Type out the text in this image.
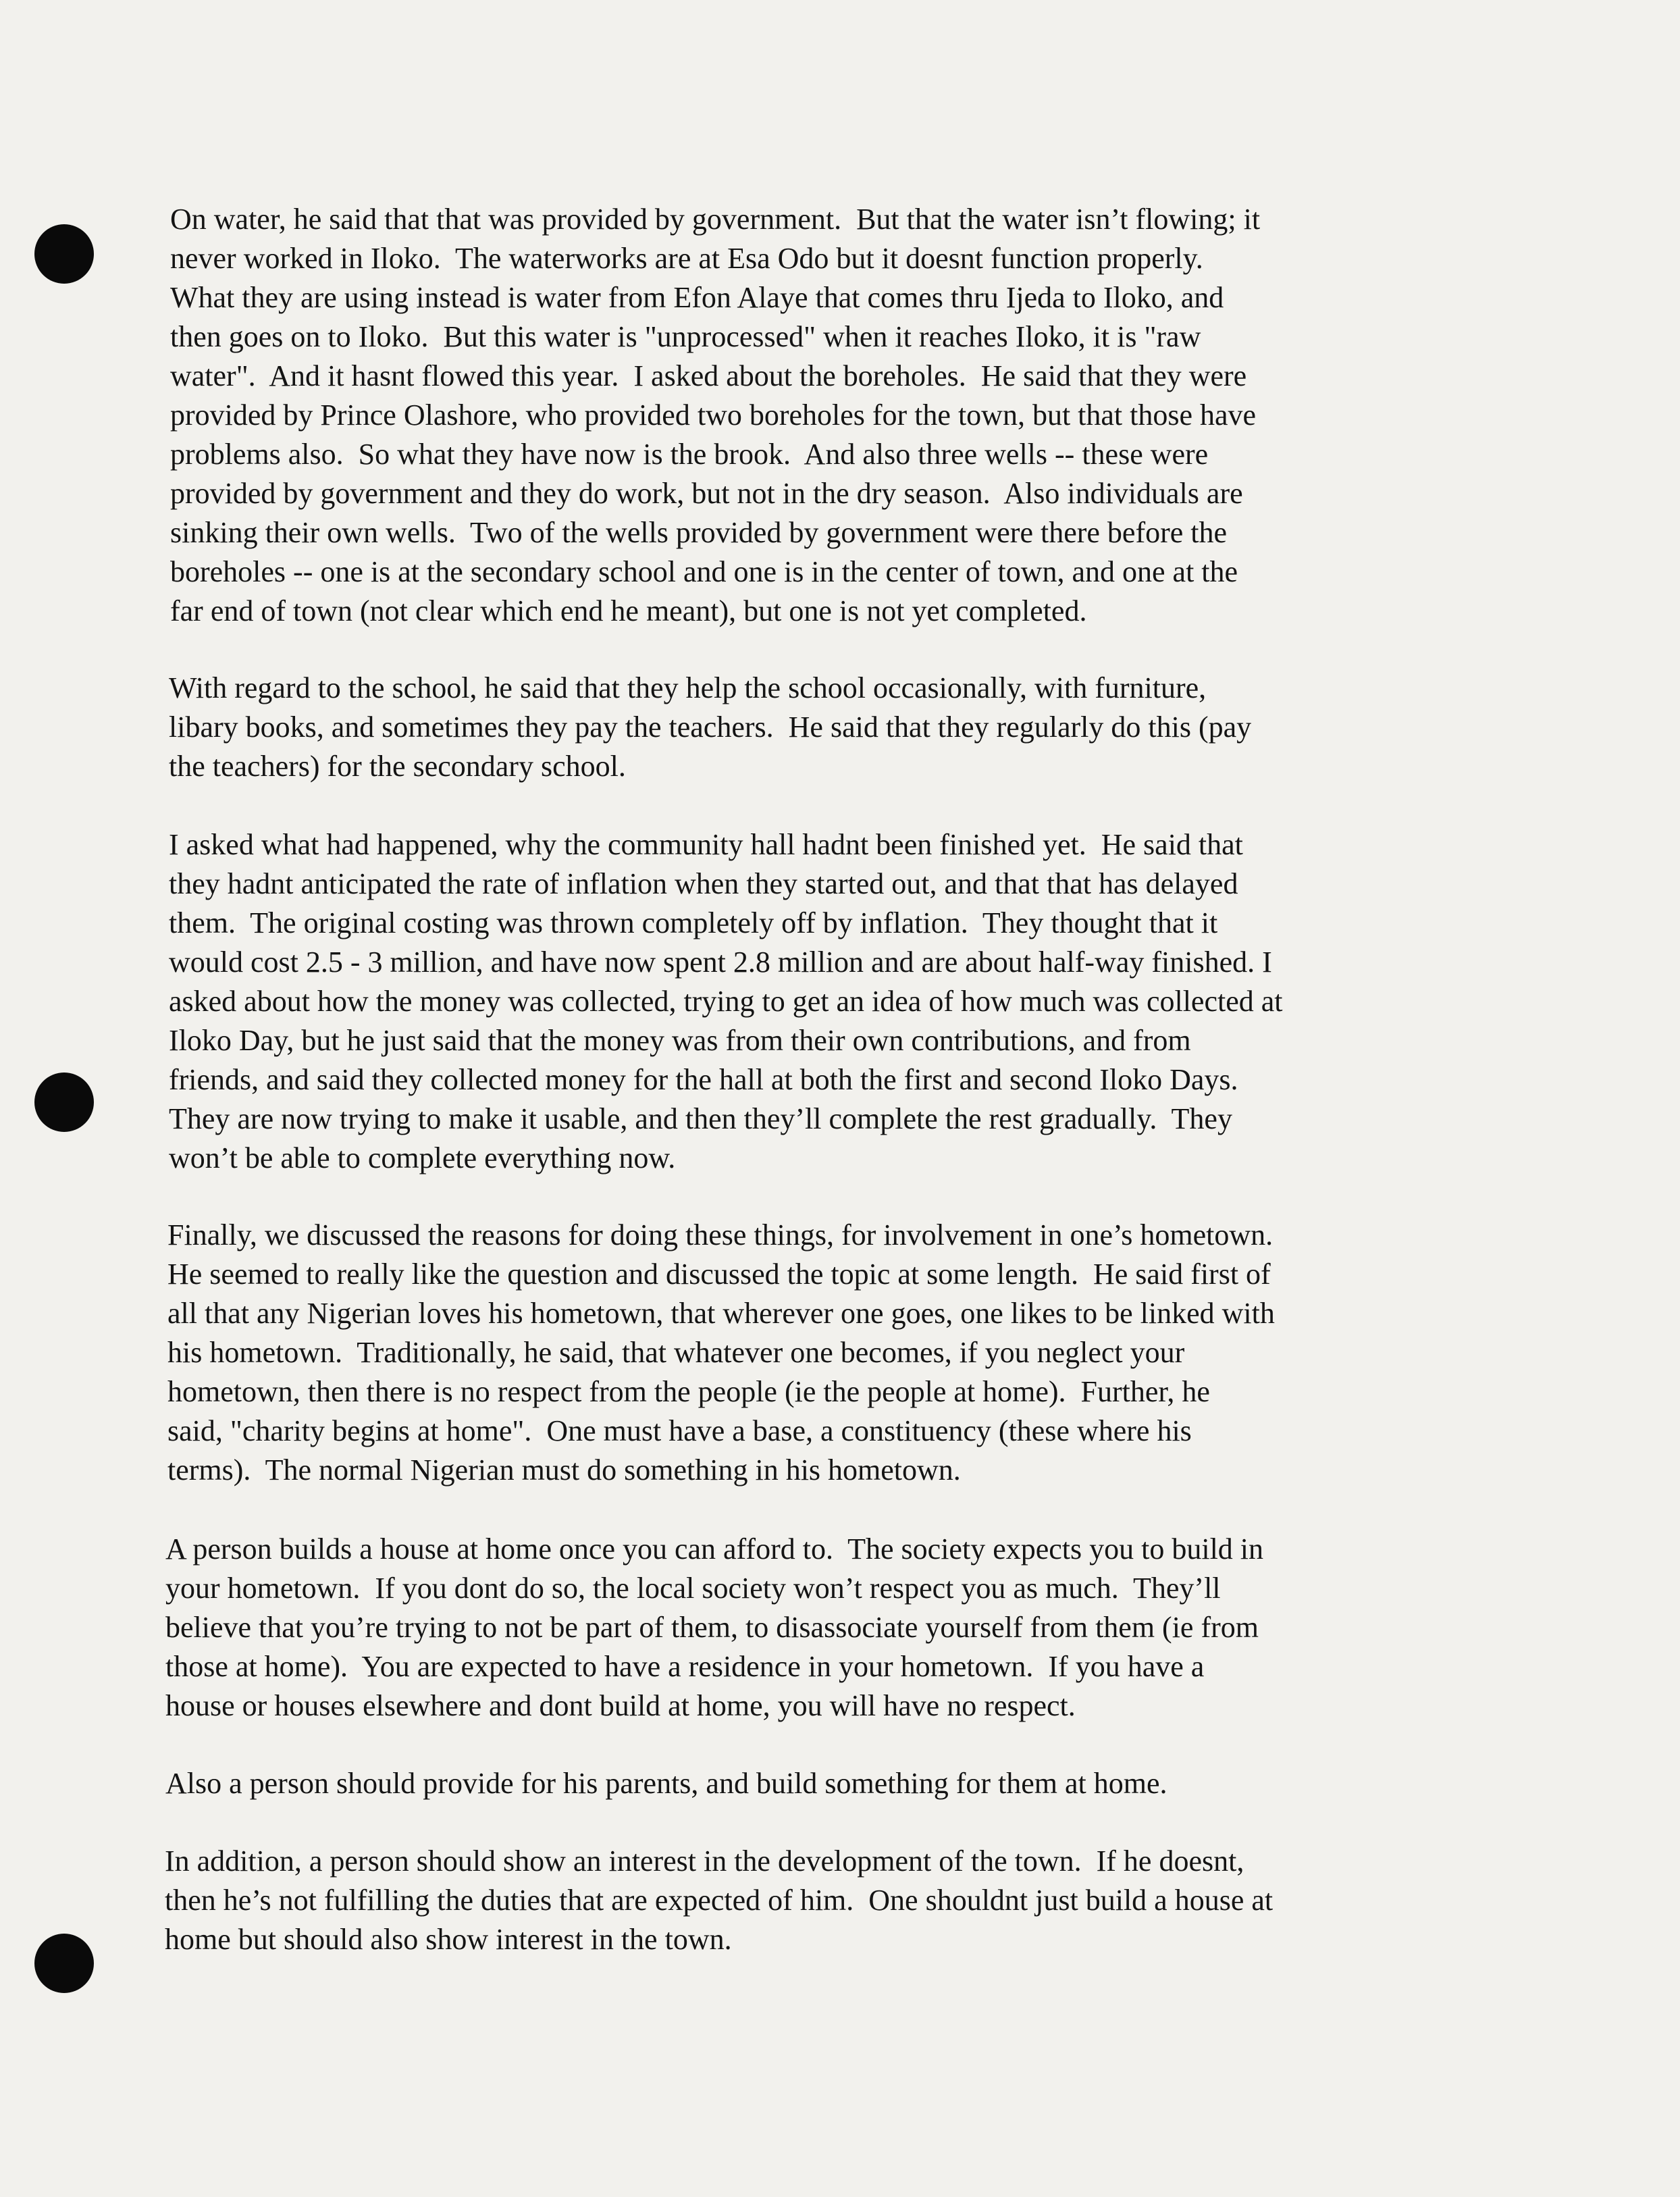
On water, he said that that was provided by government.  But that the water isn’t flowing; it
never worked in Iloko.  The waterworks are at Esa Odo but it doesnt function properly.
What they are using instead is water from Efon Alaye that comes thru Ijeda to Iloko, and
then goes on to Iloko.  But this water is "unprocessed" when it reaches Iloko, it is "raw
water".  And it hasnt flowed this year.  I asked about the boreholes.  He said that they were
provided by Prince Olashore, who provided two boreholes for the town, but that those have
problems also.  So what they have now is the brook.  And also three wells -- these were
provided by government and they do work, but not in the dry season.  Also individuals are
sinking their own wells.  Two of the wells provided by government were there before the
boreholes -- one is at the secondary school and one is in the center of town, and one at the
far end of town (not clear which end he meant), but one is not yet completed.

With regard to the school, he said that they help the school occasionally, with furniture,
libary books, and sometimes they pay the teachers.  He said that they regularly do this (pay
the teachers) for the secondary school.

I asked what had happened, why the community hall hadnt been finished yet.  He said that
they hadnt anticipated the rate of inflation when they started out, and that that has delayed
them.  The original costing was thrown completely off by inflation.  They thought that it
would cost 2.5 - 3 million, and have now spent 2.8 million and are about half-way finished. I
asked about how the money was collected, trying to get an idea of how much was collected at
Iloko Day, but he just said that the money was from their own contributions, and from
friends, and said they collected money for the hall at both the first and second Iloko Days.
They are now trying to make it usable, and then they’ll complete the rest gradually.  They
won’t be able to complete everything now.

Finally, we discussed the reasons for doing these things, for involvement in one’s hometown.
He seemed to really like the question and discussed the topic at some length.  He said first of
all that any Nigerian loves his hometown, that wherever one goes, one likes to be linked with
his hometown.  Traditionally, he said, that whatever one becomes, if you neglect your
hometown, then there is no respect from the people (ie the people at home).  Further, he
said, "charity begins at home".  One must have a base, a constituency (these where his
terms).  The normal Nigerian must do something in his hometown.

A person builds a house at home once you can afford to.  The society expects you to build in
your hometown.  If you dont do so, the local society won’t respect you as much.  They’ll
believe that you’re trying to not be part of them, to disassociate yourself from them (ie from
those at home).  You are expected to have a residence in your hometown.  If you have a
house or houses elsewhere and dont build at home, you will have no respect.

Also a person should provide for his parents, and build something for them at home.

In addition, a person should show an interest in the development of the town.  If he doesnt,
then he’s not fulfilling the duties that are expected of him.  One shouldnt just build a house at
home but should also show interest in the town.
